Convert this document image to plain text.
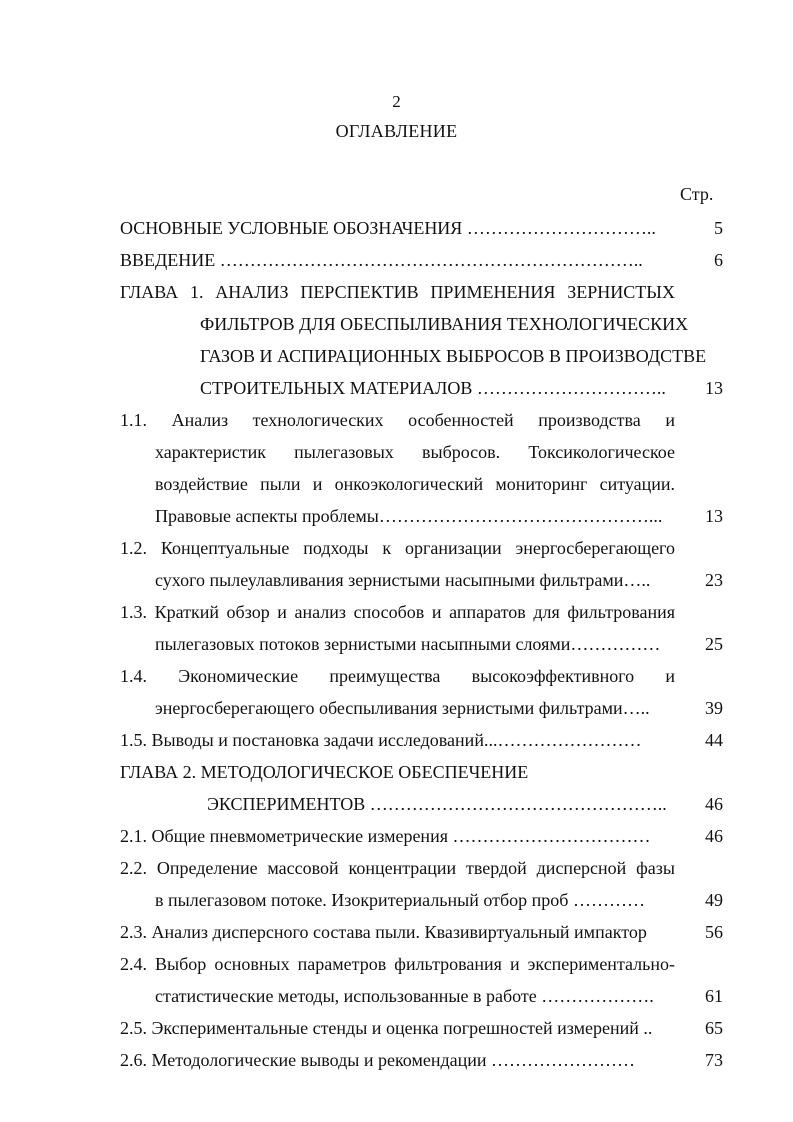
2
ОГЛАВЛЕНИЕ
Стр.
ОСНОВНЫЕ УСЛОВНЫЕ ОБОЗНАЧЕНИЯ …………………………..	5
ВВЕДЕНИЕ ……………………………………………………………..	6
ГЛАВА 1. АНАЛИЗ ПЕРСПЕКТИВ ПРИМЕНЕНИЯ ЗЕРНИСТЫХ
ФИЛЬТРОВ ДЛЯ ОБЕСПЫЛИВАНИЯ ТЕХНОЛОГИЧЕСКИХ
ГАЗОВ И АСПИРАЦИОННЫХ ВЫБРОСОВ В ПРОИЗВОДСТВЕ
СТРОИТЕЛЬНЫХ МАТЕРИАЛОВ …………………………..	13
1.1. Анализ технологических особенностей производства и
характеристик пылегазовых выбросов. Токсикологическое
воздействие пыли и онкоэкологический мониторинг ситуации.
Правовые аспекты проблемы………………………………………...	13
1.2. Концептуальные подходы к организации энергосберегающего
сухого пылеулавливания зернистыми насыпными фильтрами…..	23
1.3. Краткий обзор и анализ способов и аппаратов для фильтрования
пылегазовых потоков зернистыми насыпными слоями……………	25
1.4. Экономические преимущества высокоэффективного и
энергосберегающего обеспыливания зернистыми фильтрами…..	39
1.5. Выводы и постановка задачи исследований...……………………	44
ГЛАВА 2. МЕТОДОЛОГИЧЕСКОЕ ОБЕСПЕЧЕНИЕ
ЭКСПЕРИМЕНТОВ …………………………………………..	46
2.1. Общие пневмометрические измерения ……………………………	46
2.2. Определение массовой концентрации твердой дисперсной фазы
в пылегазовом потоке. Изокритериальный отбор проб …………	49
2.3. Анализ дисперсного состава пыли. Квазивиртуальный импактор	56
2.4. Выбор основных параметров фильтрования и экспериментально-
статистические методы, использованные в работе ……………….	61
2.5. Экспериментальные стенды и оценка погрешностей измерений ..	65
2.6. Методологические выводы и рекомендации ……………………	73
